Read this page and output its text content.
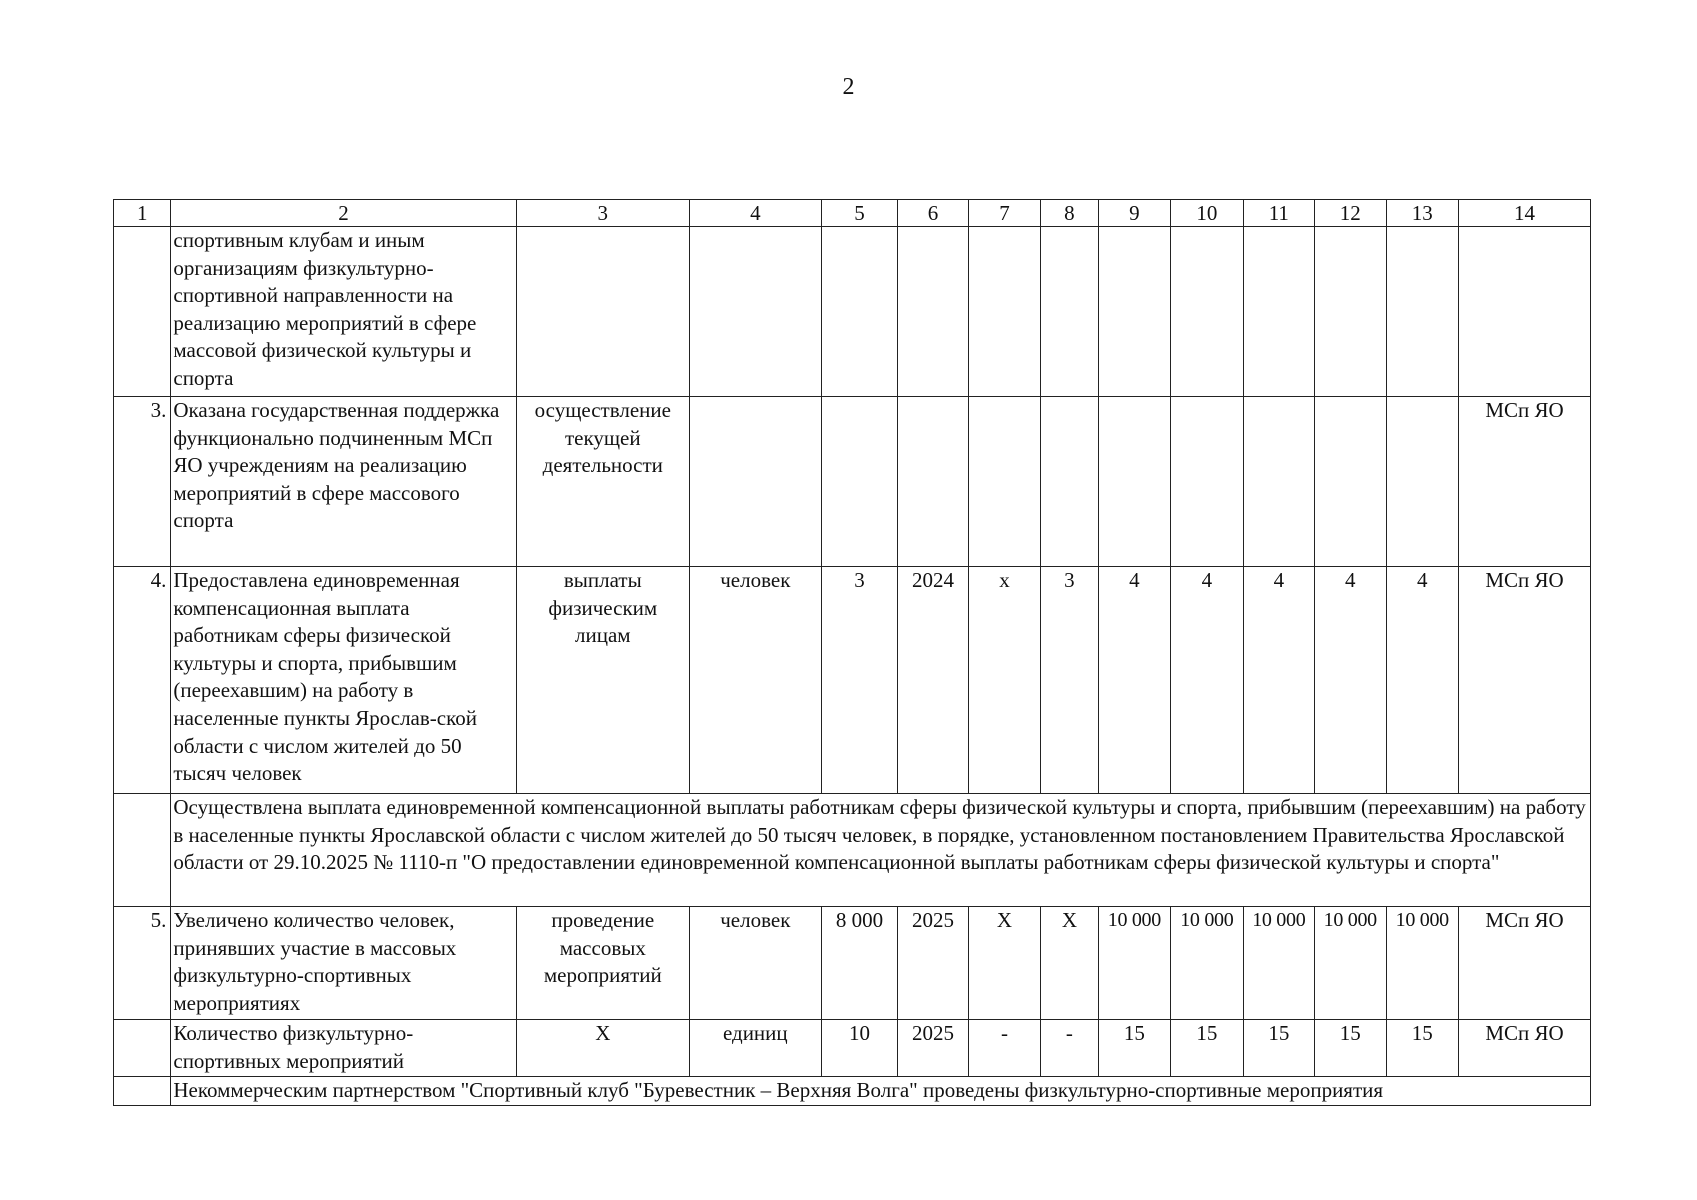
2
1	2	3	4	5	6	7	8	9	10	11	12	13	14
	спортивным клубам и иным организациям физкультурно-спортивной направленности на реализацию мероприятий в сфере массовой физической культуры и спорта												
3.	Оказана государственная поддержка функционально подчиненным МСп ЯО учреждениям на реализацию мероприятий в сфере массового спорта	осуществление текущей деятельности											МСп ЯО
4.	Предоставлена единовременная компенсационная выплата работникам сферы физической культуры и спорта, прибывшим (переехавшим) на работу в населенные пункты Ярослав-ской области с числом жителей до 50 тысяч человек	выплаты физическим лицам	человек	3	2024	х	3	4	4	4	4	4	МСп ЯО
	Осуществлена выплата единовременной компенсационной выплаты работникам сферы физической культуры и спорта, прибывшим (переехавшим) на работу в населенные пункты Ярославской области с числом жителей до 50 тысяч человек, в порядке, установленном постановлением Правительства Ярославской области от 29.10.2025 № 1110-п "О предоставлении единовременной компенсационной выплаты работникам сферы физической культуры и спорта"												
5.	Увеличено количество человек, принявших участие в массовых физкультурно-спортивных мероприятиях	проведение массовых мероприятий	человек	8 000	2025	Х	Х	10 000	10 000	10 000	10 000	10 000	МСп ЯО
	Количество физкультурно-спортивных мероприятий	Х	единиц	10	2025	-	-	15	15	15	15	15	МСп ЯО
	Некоммерческим партнерством "Спортивный клуб "Буревестник – Верхняя Волга" проведены физкультурно-спортивные мероприятия												
